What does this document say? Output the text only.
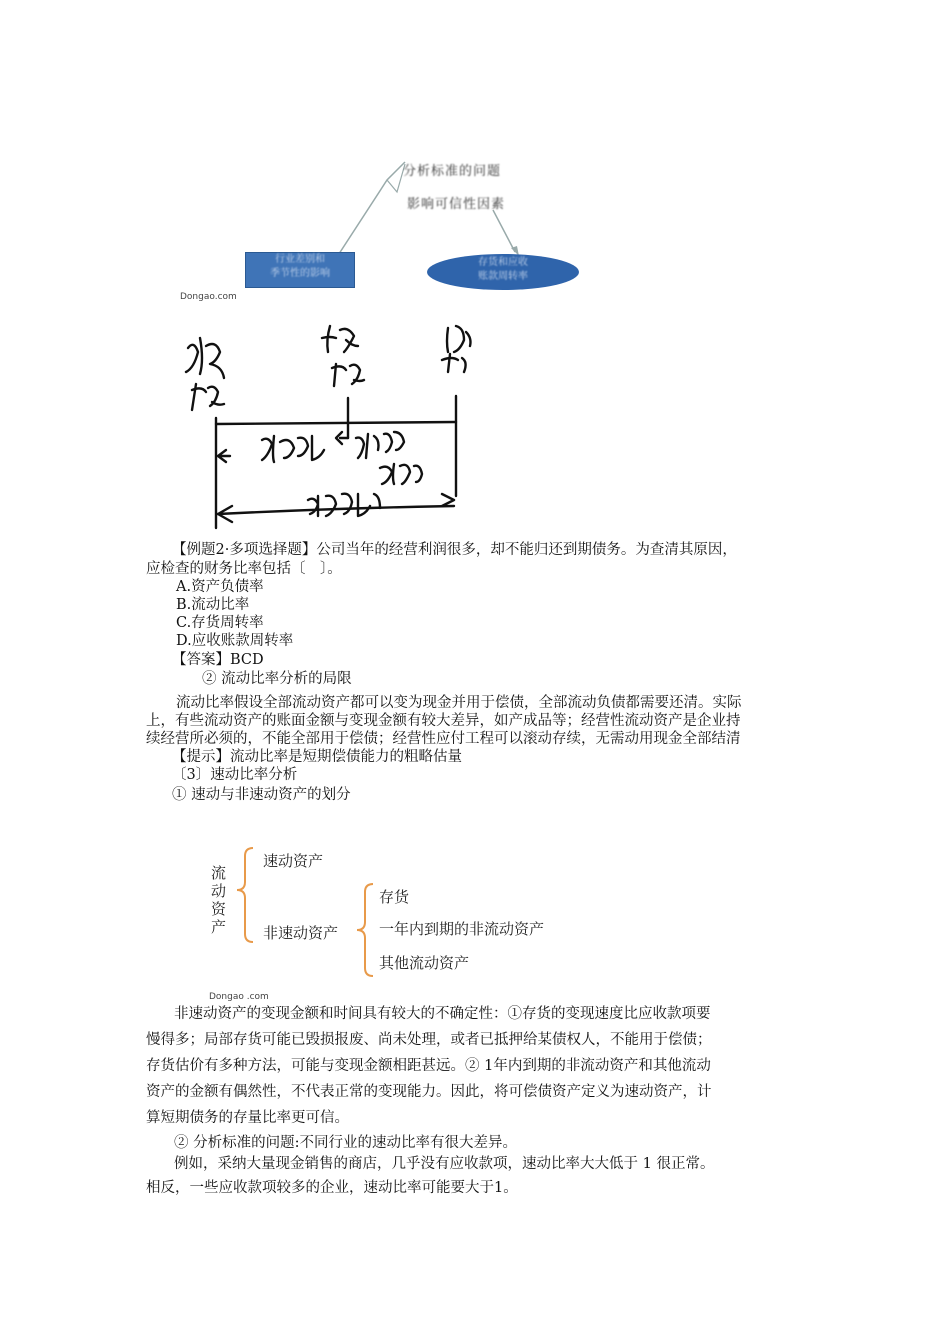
分析标准的问题
影响可信性因素
行业差别和
季节性的影响
存货和应收
账款周转率
Dongao.com
【例题2·多项选择题】公司当年的经营利润很多，却不能归还到期债务。为查清其原因，
应检查的财务比率包括〔　〕。
A.资产负债率
B.流动比率
C.存货周转率
D.应收账款周转率
【答案】BCD
② 流动比率分析的局限
流动比率假设全部流动资产都可以变为现金并用于偿债，全部流动负债都需要还清。实际
上，有些流动资产的账面金额与变现金额有较大差异，如产成品等；经营性流动资产是企业持
续经营所必须的，不能全部用于偿债；经营性应付工程可以滚动存续，无需动用现金全部结清
【提示】流动比率是短期偿债能力的粗略估量
〔3〕速动比率分析
① 速动与非速动资产的划分
流
动
资
产
速动资产
非速动资产
存货
一年内到期的非流动资产
其他流动资产
Dongao .com
非速动资产的变现金额和时间具有较大的不确定性：①存货的变现速度比应收款项要
慢得多；局部存货可能已毁损报废、尚未处理，或者已抵押给某债权人，不能用于偿债；
存货估价有多种方法，可能与变现金额相距甚远。② 1年内到期的非流动资产和其他流动
资产的金额有偶然性，不代表正常的变现能力。因此，将可偿债资产定义为速动资产，计
算短期债务的存量比率更可信。
② 分析标准的问题:不同行业的速动比率有很大差异。
例如，采纳大量现金销售的商店，几乎没有应收款项，速动比率大大低于 1 很正常。
相反，一些应收款项较多的企业，速动比率可能要大于1。
